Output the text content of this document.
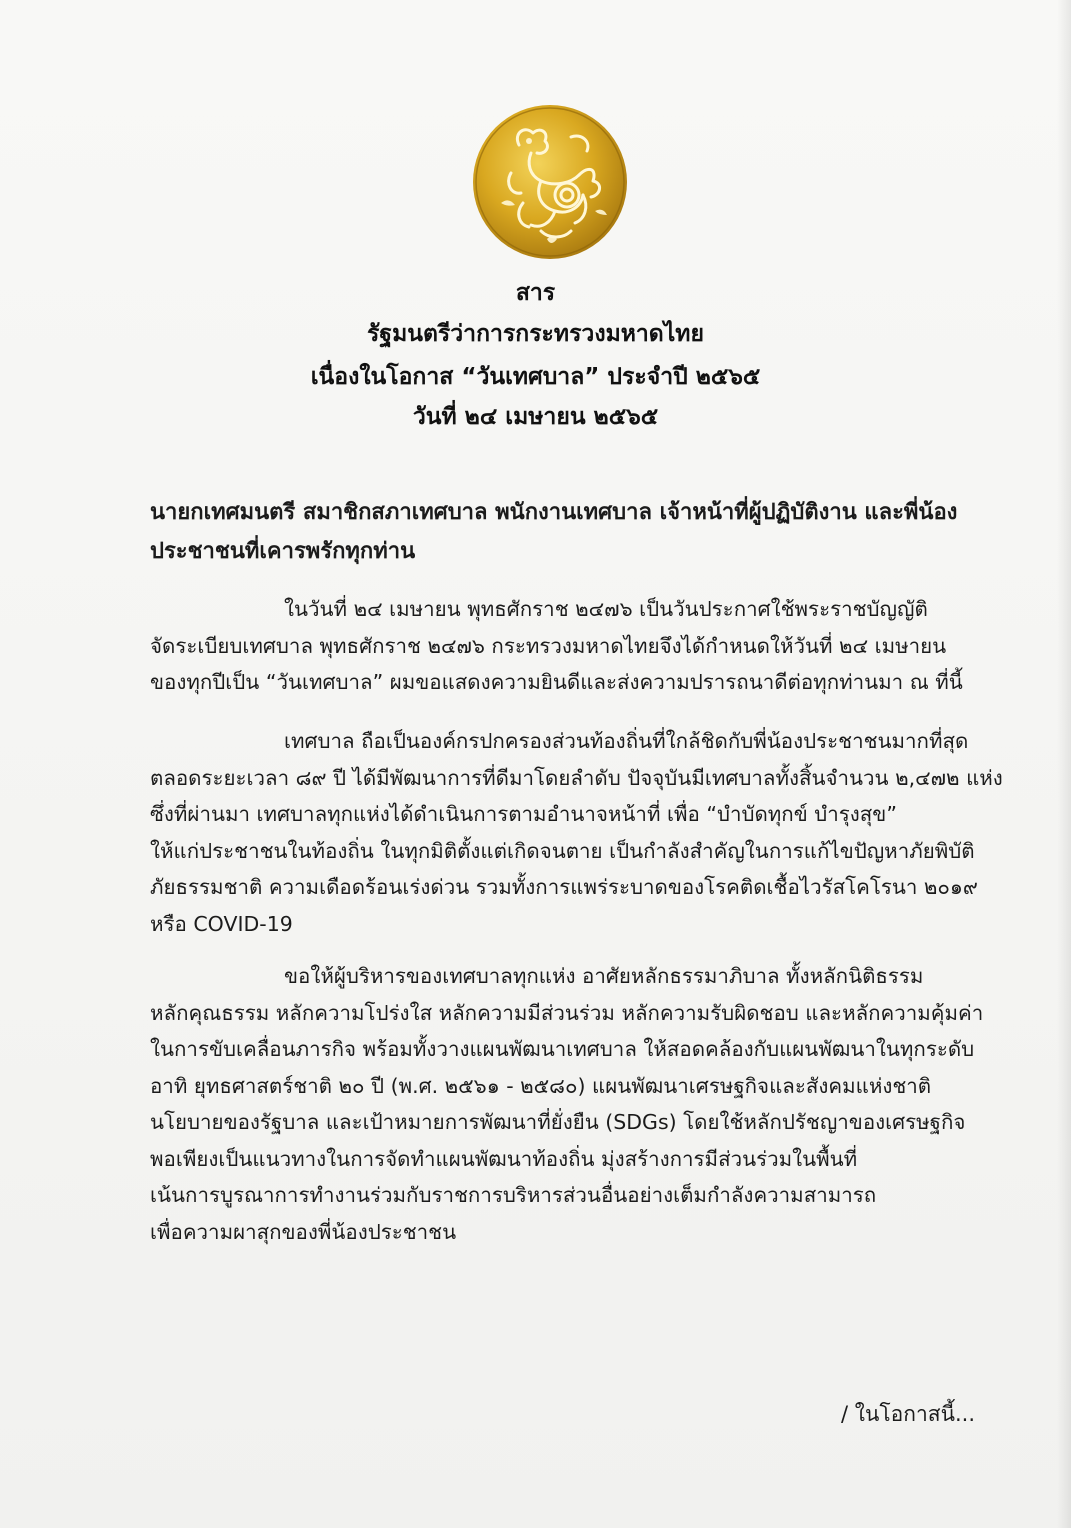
สาร
รัฐมนตรีว่าการกระทรวงมหาดไทย
เนื่องในโอกาส “วันเทศบาล” ประจำปี ๒๕๖๕
วันที่ ๒๔ เมษายน ๒๕๖๕
นายกเทศมนตรี สมาชิกสภาเทศบาล พนักงานเทศบาล เจ้าหน้าที่ผู้ปฏิบัติงาน และพี่น้อง
ประชาชนที่เคารพรักทุกท่าน
ในวันที่ ๒๔ เมษายน พุทธศักราช ๒๔๗๖ เป็นวันประกาศใช้พระราชบัญญัติ
จัดระเบียบเทศบาล พุทธศักราช ๒๔๗๖ กระทรวงมหาดไทยจึงได้กำหนดให้วันที่ ๒๔ เมษายน
ของทุกปีเป็น “วันเทศบาล” ผมขอแสดงความยินดีและส่งความปรารถนาดีต่อทุกท่านมา ณ ที่นี้
เทศบาล ถือเป็นองค์กรปกครองส่วนท้องถิ่นที่ใกล้ชิดกับพี่น้องประชาชนมากที่สุด
ตลอดระยะเวลา ๘๙ ปี ได้มีพัฒนาการที่ดีมาโดยลำดับ ปัจจุบันมีเทศบาลทั้งสิ้นจำนวน ๒,๔๗๒ แห่ง
ซึ่งที่ผ่านมา เทศบาลทุกแห่งได้ดำเนินการตามอำนาจหน้าที่ เพื่อ “บำบัดทุกข์ บำรุงสุข”
ให้แก่ประชาชนในท้องถิ่น ในทุกมิติตั้งแต่เกิดจนตาย เป็นกำลังสำคัญในการแก้ไขปัญหาภัยพิบัติ
ภัยธรรมชาติ ความเดือดร้อนเร่งด่วน รวมทั้งการแพร่ระบาดของโรคติดเชื้อไวรัสโคโรนา ๒๐๑๙
หรือ COVID-19
ขอให้ผู้บริหารของเทศบาลทุกแห่ง อาศัยหลักธรรมาภิบาล ทั้งหลักนิติธรรม
หลักคุณธรรม หลักความโปร่งใส หลักความมีส่วนร่วม หลักความรับผิดชอบ และหลักความคุ้มค่า
ในการขับเคลื่อนภารกิจ พร้อมทั้งวางแผนพัฒนาเทศบาล ให้สอดคล้องกับแผนพัฒนาในทุกระดับ
อาทิ ยุทธศาสตร์ชาติ ๒๐ ปี (พ.ศ. ๒๕๖๑ - ๒๕๘๐) แผนพัฒนาเศรษฐกิจและสังคมแห่งชาติ
นโยบายของรัฐบาล และเป้าหมายการพัฒนาที่ยั่งยืน (SDGs) โดยใช้หลักปรัชญาของเศรษฐกิจ
พอเพียงเป็นแนวทางในการจัดทำแผนพัฒนาท้องถิ่น มุ่งสร้างการมีส่วนร่วมในพื้นที่
เน้นการบูรณาการทำงานร่วมกับราชการบริหารส่วนอื่นอย่างเต็มกำลังความสามารถ
เพื่อความผาสุกของพี่น้องประชาชน
/ ในโอกาสนี้...
